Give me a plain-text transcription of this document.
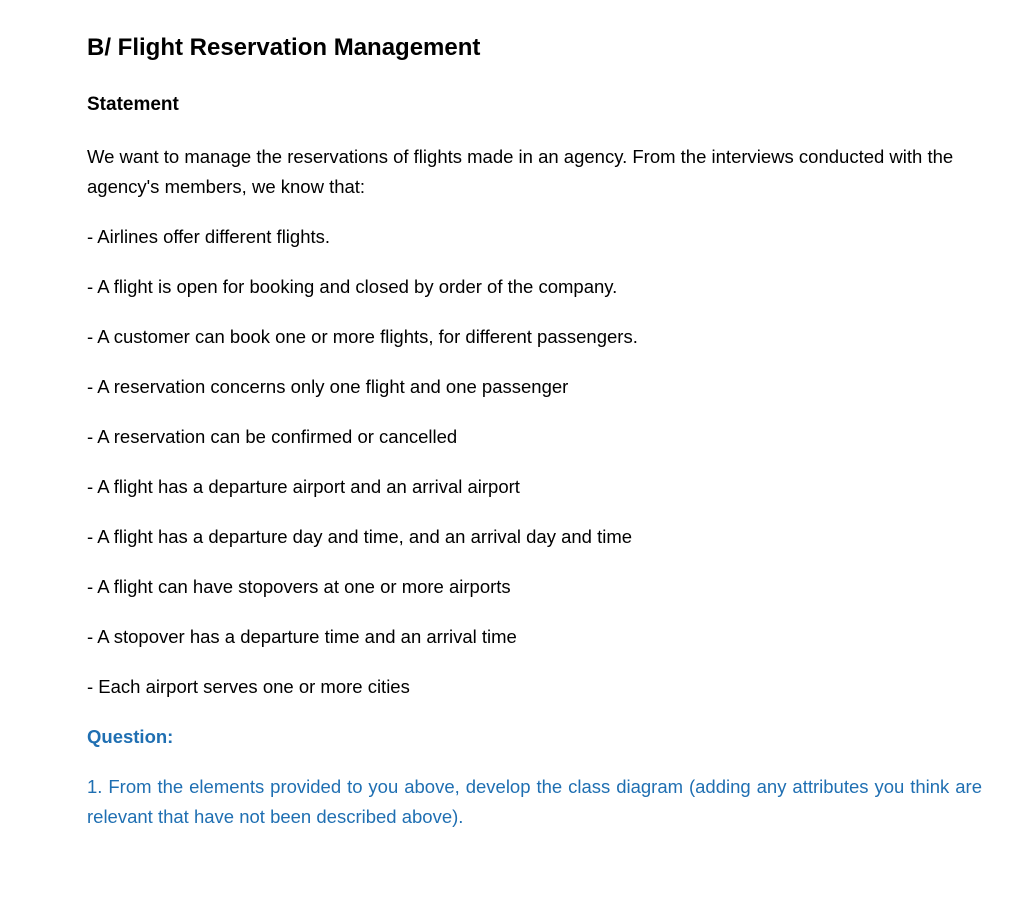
B/ Flight Reservation Management
Statement

We want to manage the reservations of flights made in an agency. From the interviews conducted with the agency's members, we know that:

- Airlines offer different flights.
- A flight is open for booking and closed by order of the company.
- A customer can book one or more flights, for different passengers.
- A reservation concerns only one flight and one passenger
- A reservation can be confirmed or cancelled
- A flight has a departure airport and an arrival airport
- A flight has a departure day and time, and an arrival day and time
- A flight can have stopovers at one or more airports
- A stopover has a departure time and an arrival time
- Each airport serves one or more cities

Question:

1. From the elements provided to you above, develop the class diagram (adding any attributes you think are relevant that have not been described above).
